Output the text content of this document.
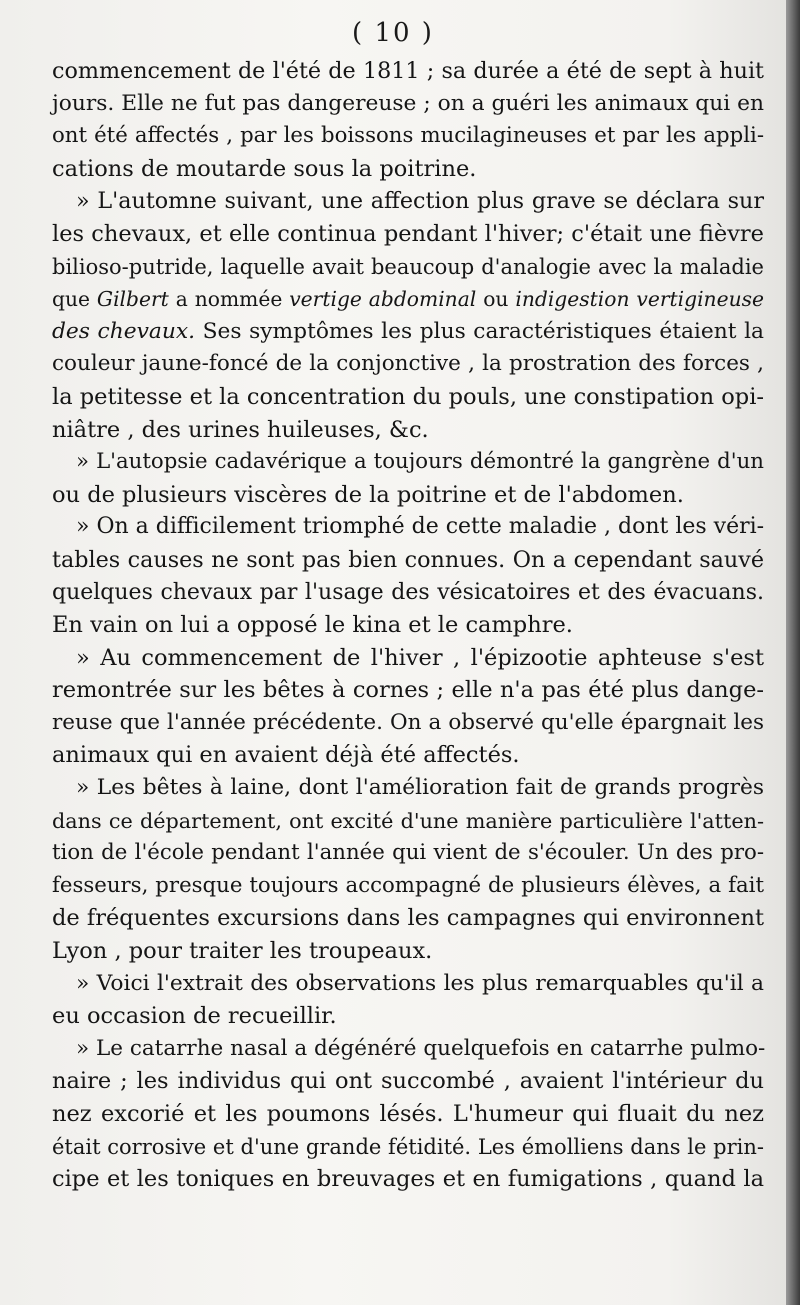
( 10 )
commencement de l'été de 1811 ; sa durée a été de sept à huit
jours. Elle ne fut pas dangereuse ; on a guéri les animaux qui en
ont été affectés , par les boissons mucilagineuses et par les appli-
cations de moutarde sous la poitrine.
» L'automne suivant, une affection plus grave se déclara sur
les chevaux, et elle continua pendant l'hiver; c'était une fièvre
bilioso-putride, laquelle avait beaucoup d'analogie avec la maladie
que Gilbert a nommée vertige abdominal ou indigestion vertigineuse
des chevaux. Ses symptômes les plus caractéristiques étaient la
couleur jaune-foncé de la conjonctive , la prostration des forces ,
la petitesse et la concentration du pouls, une constipation opi-
niâtre , des urines huileuses, &c.
» L'autopsie cadavérique a toujours démontré la gangrène d'un
ou de plusieurs viscères de la poitrine et de l'abdomen.
» On a difficilement triomphé de cette maladie , dont les véri-
tables causes ne sont pas bien connues. On a cependant sauvé
quelques chevaux par l'usage des vésicatoires et des évacuans.
En vain on lui a opposé le kina et le camphre.
» Au commencement de l'hiver , l'épizootie aphteuse s'est
remontrée sur les bêtes à cornes ; elle n'a pas été plus dange-
reuse que l'année précédente. On a observé qu'elle épargnait les
animaux qui en avaient déjà été affectés.
» Les bêtes à laine, dont l'amélioration fait de grands progrès
dans ce département, ont excité d'une manière particulière l'atten-
tion de l'école pendant l'année qui vient de s'écouler. Un des pro-
fesseurs, presque toujours accompagné de plusieurs élèves, a fait
de fréquentes excursions dans les campagnes qui environnent
Lyon , pour traiter les troupeaux.
» Voici l'extrait des observations les plus remarquables qu'il a
eu occasion de recueillir.
» Le catarrhe nasal a dégénéré quelquefois en catarrhe pulmo-
naire ; les individus qui ont succombé , avaient l'intérieur du
nez excorié et les poumons lésés. L'humeur qui fluait du nez
était corrosive et d'une grande fétidité. Les émolliens dans le prin-
cipe et les toniques en breuvages et en fumigations , quand la
